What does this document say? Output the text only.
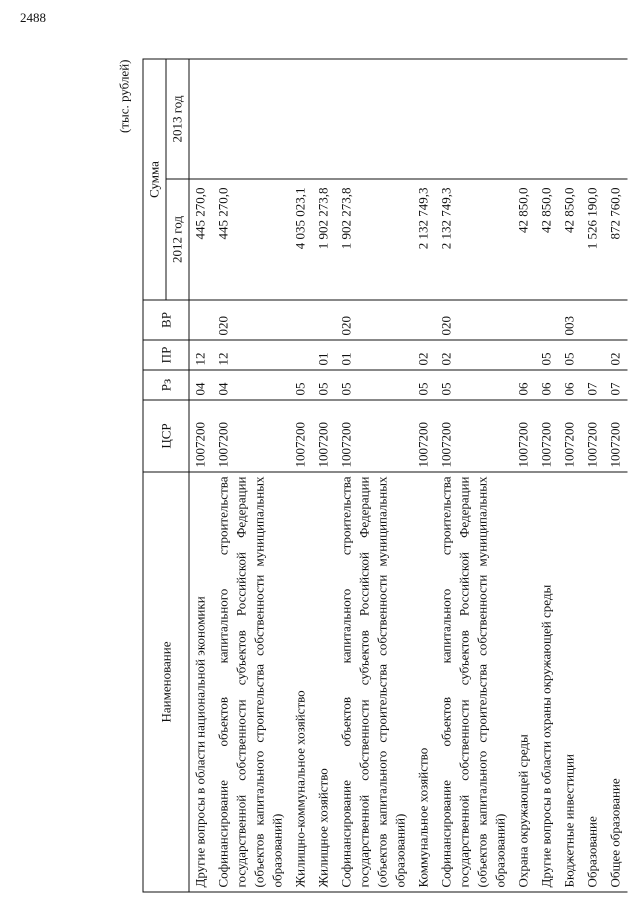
2488
(тыс. рублей)
Наименование	ЦСР	Рз	ПР	ВР	Сумма	
					2012 год	2013 год
Другие вопросы в области национальной экономики	1007200	04	12		445 270,0	
Софинансирование объектов капитального строительства государственной собственности субъектов Российской Федерации (объектов капитального строительства собственности муниципальных образований)	1007200	04	12	020	445 270,0	
Жилищно-коммунальное хозяйство	1007200	05			4 035 023,1	
Жилищное хозяйство	1007200	05	01		1 902 273,8	
Софинансирование объектов капитального строительства государственной собственности субъектов Российской Федерации (объектов капитального строительства собственности муниципальных образований)	1007200	05	01	020	1 902 273,8	
Коммунальное хозяйство	1007200	05	02		2 132 749,3	
Софинансирование объектов капитального строительства государственной собственности субъектов Российской Федерации (объектов капитального строительства собственности муниципальных образований)	1007200	05	02	020	2 132 749,3	
Охрана окружающей среды	1007200	06			42 850,0	
Другие вопросы в области охраны окружающей среды	1007200	06	05		42 850,0	
Бюджетные инвестиции	1007200	06	05	003	42 850,0	
Образование	1007200	07			1 526 190,0	
Общее образование	1007200	07	02		872 760,0	
